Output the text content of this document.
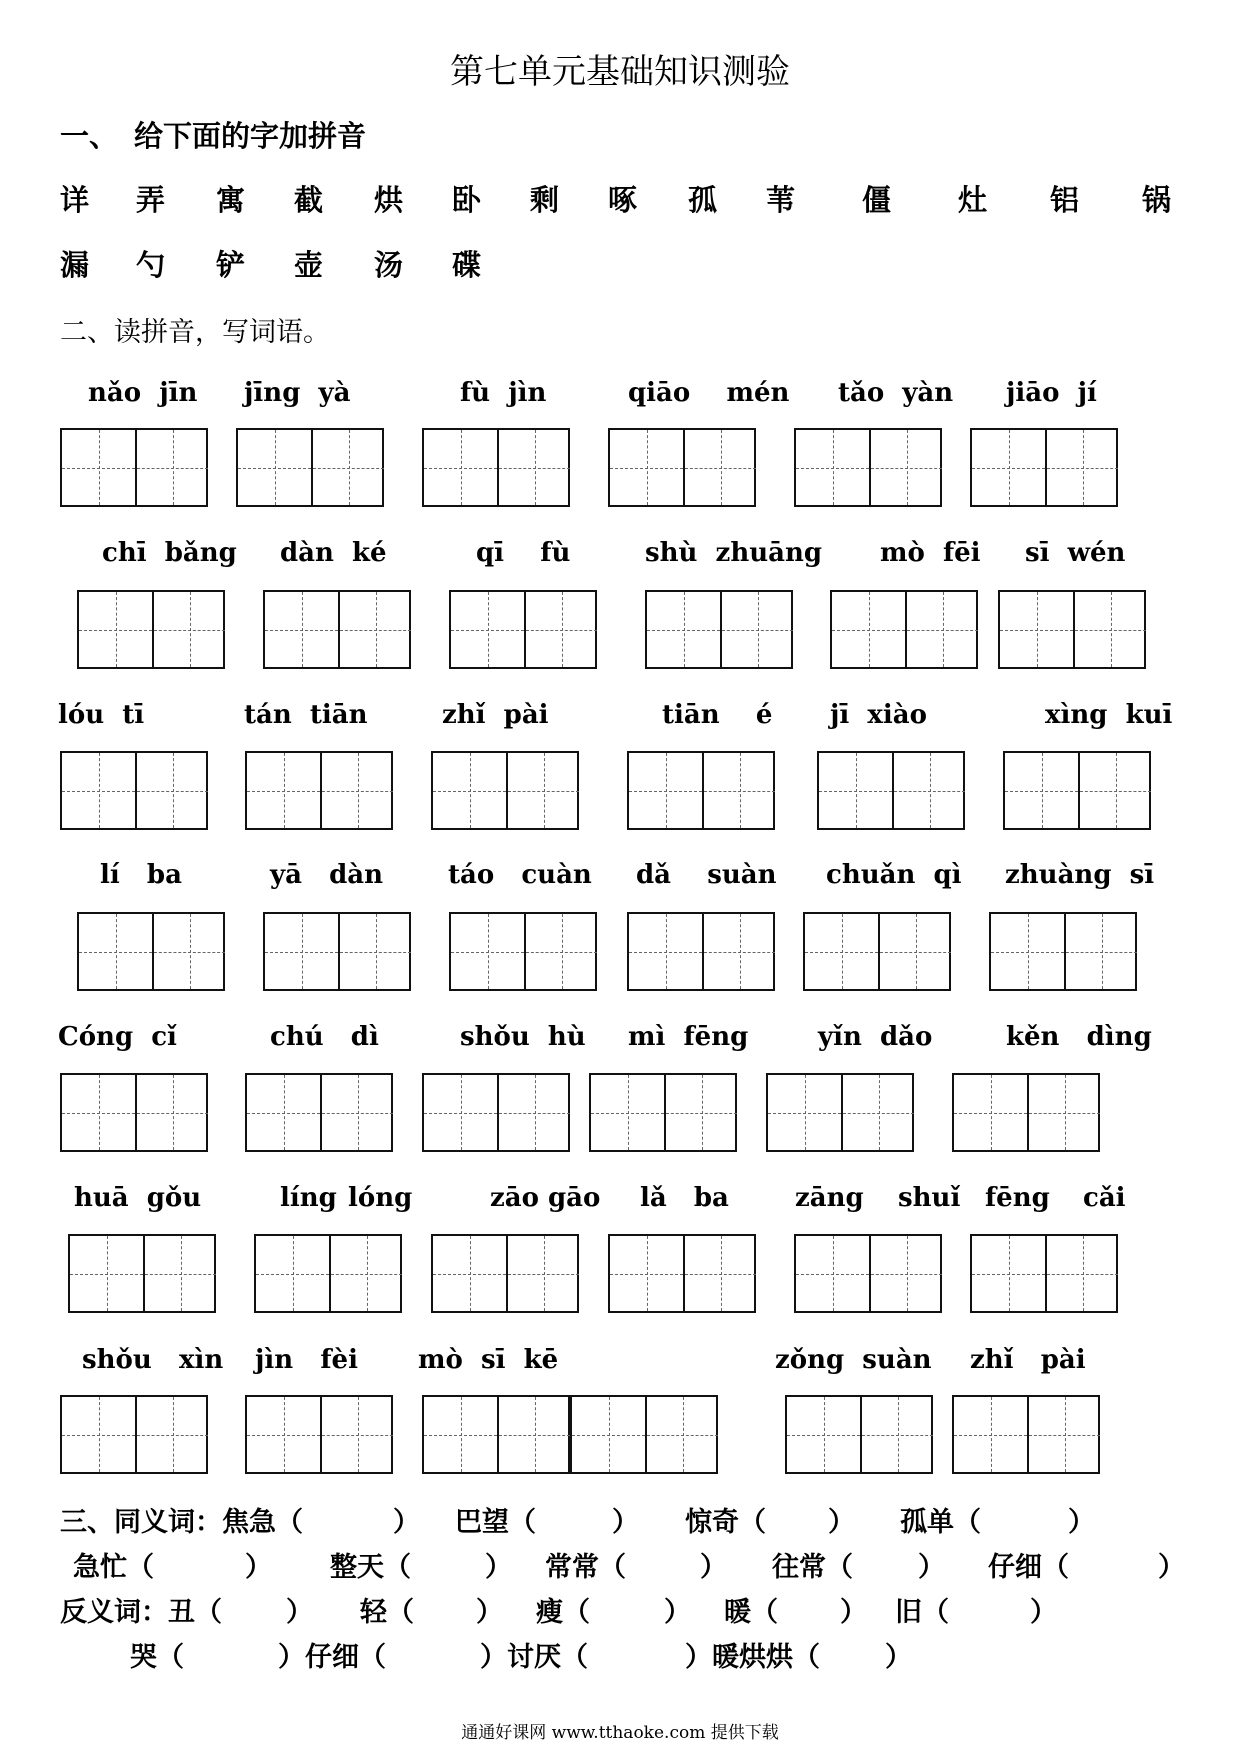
第七单元基础知识测验
一、 给下面的字加拼音
详 弄 寓 截 烘 卧 剩 啄 孤 苇 僵 灶 铝 锅
漏 勺 铲 壶 汤 碟
二、读拼音，写词语。
nǎo  jīn jīng  yà	fù  jìn	qiāo    mén tǎo  yàn jiāo  jí
chī  bǎng dàn  ké	qī    fù	shù  zhuāng mò  fēi sī  wén
lóu  tī	tán  tiān	zhǐ  pài	tiān    é jī  xiào	xìng  kuī
lí   ba	yā   dàn táo   cuàn dǎ    suàn chuǎn  qì zhuàng  sī
Cóng  cǐ	chú   dì	shǒu  hù mì  fēng	yǐn  dǎo	kěn   dìng
huā  gǒu	líng lóng	zāo gāo lǎ   ba	zāng shuǐ fēng cǎi
shǒu   xìn jìn   fèi mò  sī  kē	zǒng  suàn zhǐ   pài
三、同义词：焦急（	） 巴望（	） 惊奇（ ） 孤单（	）
急忙（	） 整天（	） 常常（	） 往常（ ） 仔细（	）
反义词：丑（ ） 轻（ ） 瘦（	） 暖（ ） 旧（	）
哭（	）仔细（	）讨厌（	）暖烘烘（ ）
通通好课网 www.tthaoke.com 提供下载
